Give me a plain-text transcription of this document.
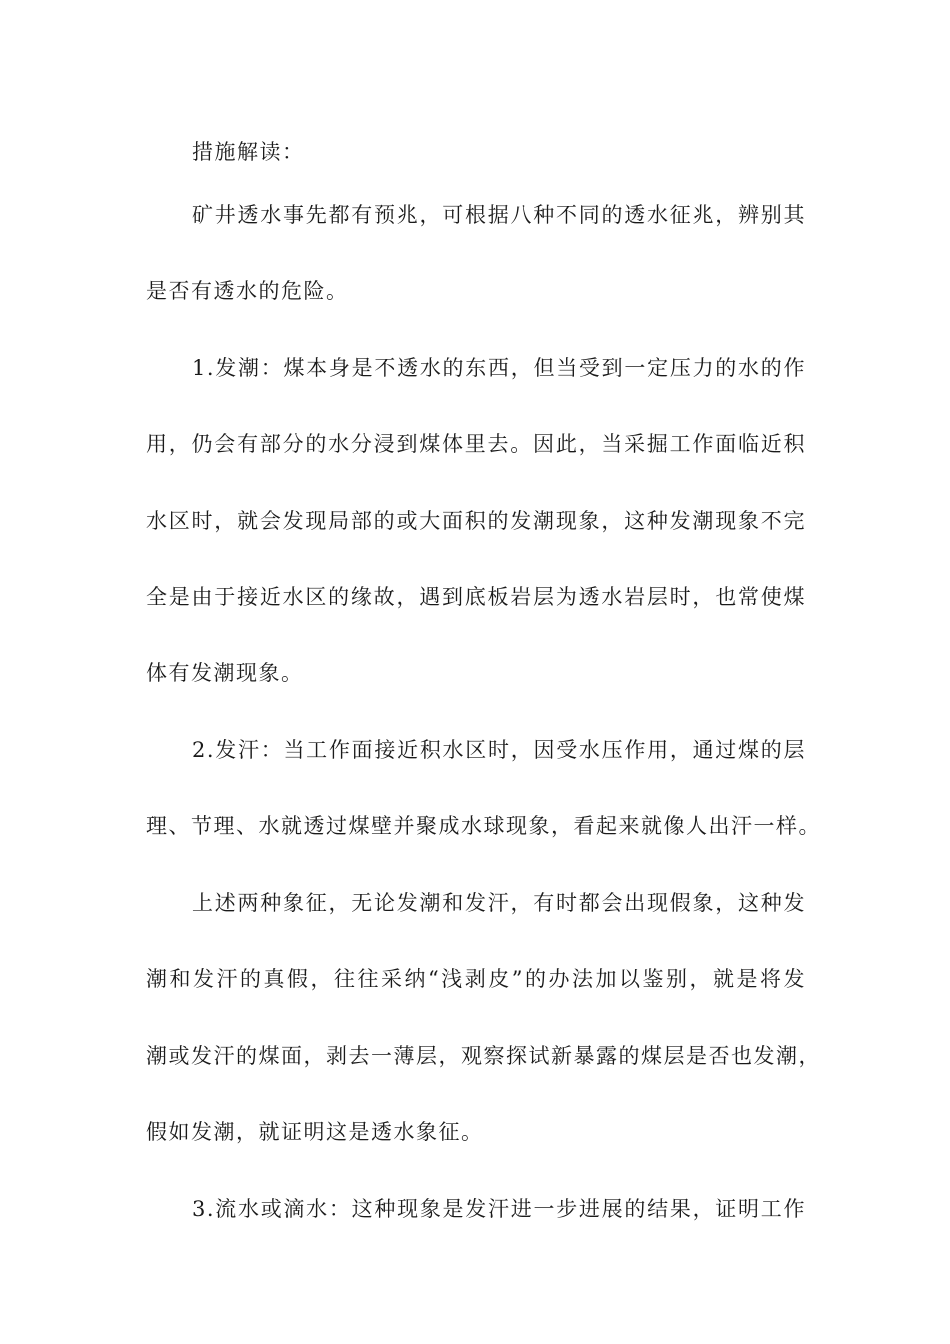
措施解读：
矿井透水事先都有预兆，可根据八种不同的透水征兆，辨别其
是否有透水的危险。
1.发潮：煤本身是不透水的东西，但当受到一定压力的水的作
用，仍会有部分的水分浸到煤体里去。因此，当采掘工作面临近积
水区时，就会发现局部的或大面积的发潮现象，这种发潮现象不完
全是由于接近水区的缘故，遇到底板岩层为透水岩层时，也常使煤
体有发潮现象。
2.发汗：当工作面接近积水区时，因受水压作用，通过煤的层
理、节理、水就透过煤壁并聚成水球现象，看起来就像人出汗一样。
上述两种象征，无论发潮和发汗，有时都会出现假象，这种发
潮和发汗的真假，往往采纳“浅剥皮”的办法加以鉴别，就是将发
潮或发汗的煤面，剥去一薄层，观察探试新暴露的煤层是否也发潮，
假如发潮，就证明这是透水象征。
3.流水或滴水：这种现象是发汗进一步进展的结果，证明工作
